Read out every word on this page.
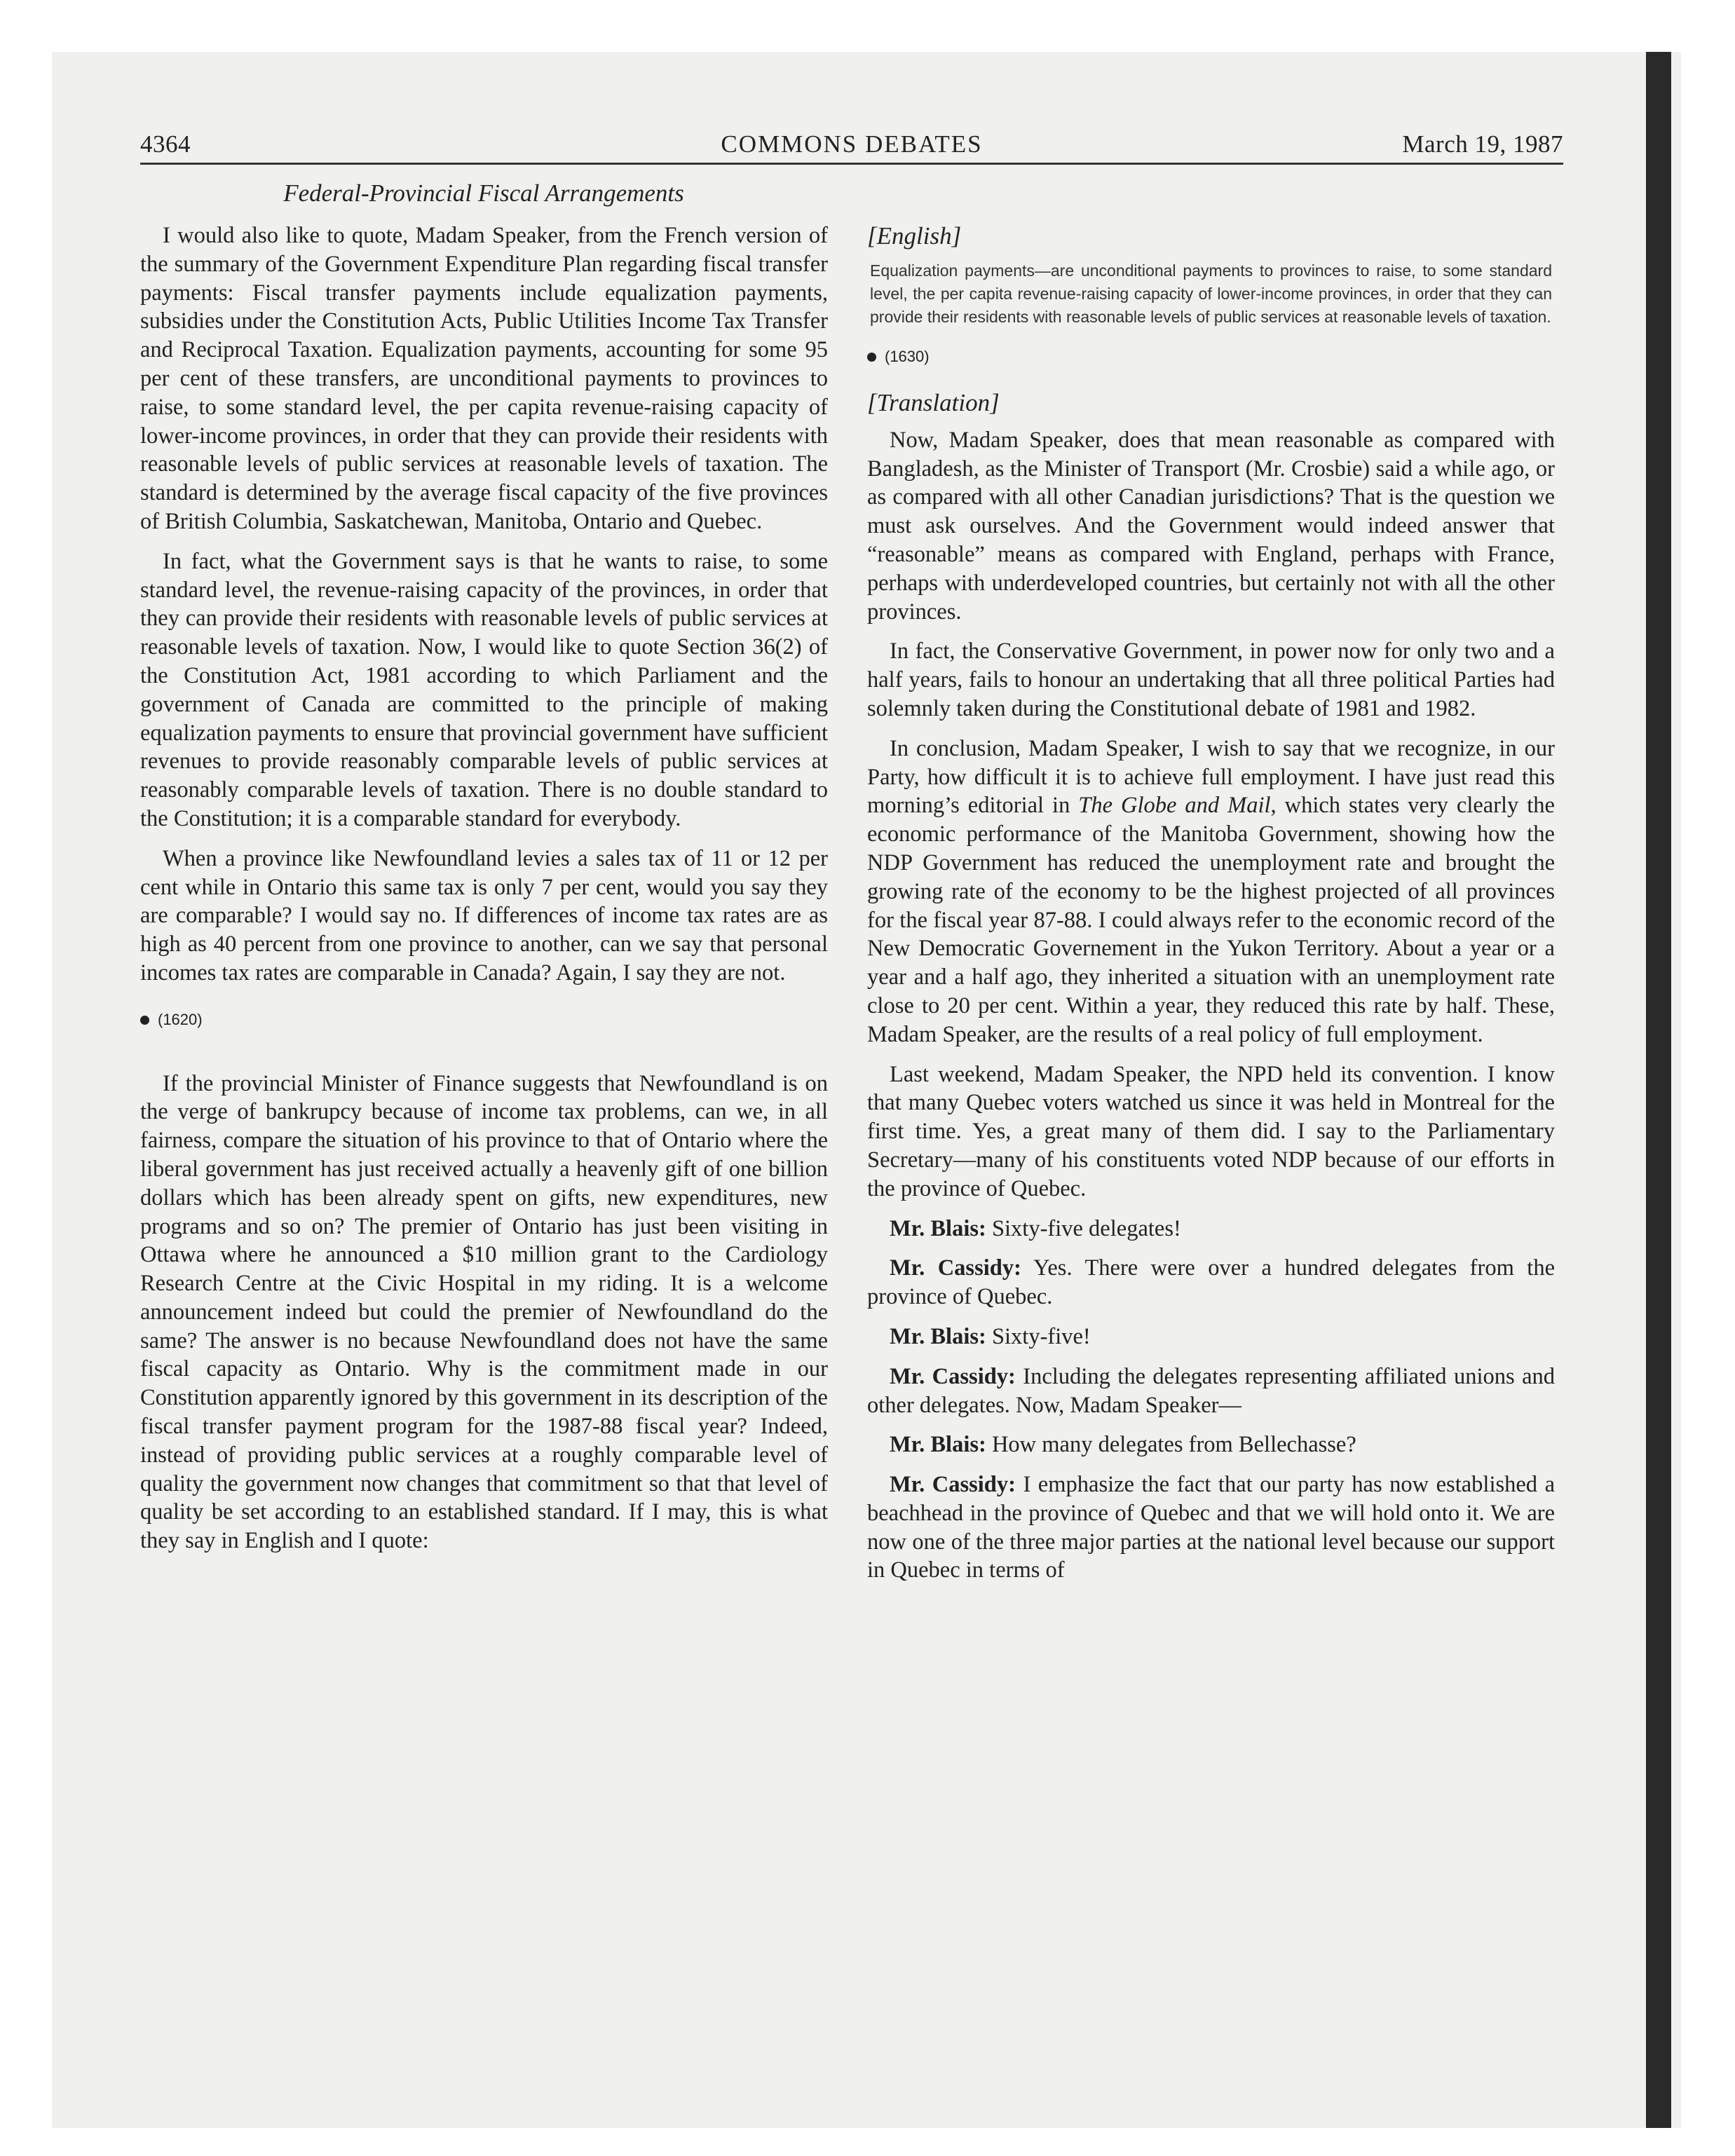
4364	COMMONS DEBATES	March 19, 1987
Federal-Provincial Fiscal Arrangements

I would also like to quote, Madam Speaker, from the French version of the summary of the Government Expenditure Plan regarding fiscal transfer payments: Fiscal transfer payments include equalization payments, subsidies under the Constitution Acts, Public Utilities Income Tax Transfer and Reciprocal Taxation. Equalization payments, accounting for some 95 per cent of these transfers, are unconditional payments to provinces to raise, to some standard level, the per capita revenue-raising capacity of lower-income provinces, in order that they can provide their residents with reasonable levels of public services at reasonable levels of taxation. The standard is determined by the average fiscal capacity of the five provinces of British Columbia, Saskatchewan, Manitoba, Ontario and Quebec.

In fact, what the Government says is that he wants to raise, to some standard level, the revenue-raising capacity of the provinces, in order that they can provide their residents with reasonable levels of public services at reasonable levels of taxation. Now, I would like to quote Section 36(2) of the Constitution Act, 1981 according to which Parliament and the government of Canada are committed to the principle of making equalization payments to ensure that provincial government have sufficient revenues to provide reasonably comparable levels of public services at reasonably comparable levels of taxation. There is no double standard to the Constitution; it is a comparable standard for everybody.

When a province like Newfoundland levies a sales tax of 11 or 12 per cent while in Ontario this same tax is only 7 per cent, would you say they are comparable? I would say no. If differences of income tax rates are as high as 40 percent from one province to another, can we say that personal incomes tax rates are comparable in Canada? Again, I say they are not.

(1620)

If the provincial Minister of Finance suggests that Newfoundland is on the verge of bankrupcy because of income tax problems, can we, in all fairness, compare the situation of his province to that of Ontario where the liberal government has just received actually a heavenly gift of one billion dollars which has been already spent on gifts, new expenditures, new programs and so on? The premier of Ontario has just been visiting in Ottawa where he announced a $10 million grant to the Cardiology Research Centre at the Civic Hospital in my riding. It is a welcome announcement indeed but could the premier of Newfoundland do the same? The answer is no because Newfoundland does not have the same fiscal capacity as Ontario. Why is the commitment made in our Constitution apparently ignored by this government in its description of the fiscal transfer payment program for the 1987-88 fiscal year? Indeed, instead of providing public services at a roughly comparable level of quality the government now changes that commitment so that that level of quality be set according to an established standard. If I may, this is what they say in English and I quote:

[English]
Equalization payments—are unconditional payments to provinces to raise, to some standard level, the per capita revenue-raising capacity of lower-income provinces, in order that they can provide their residents with reasonable levels of public services at reasonable levels of taxation.
(1630)
[Translation]

Now, Madam Speaker, does that mean reasonable as compared with Bangladesh, as the Minister of Transport (Mr. Crosbie) said a while ago, or as compared with all other Canadian jurisdictions? That is the question we must ask ourselves. And the Government would indeed answer that “reasonable” means as compared with England, perhaps with France, perhaps with underdeveloped countries, but certainly not with all the other provinces.

In fact, the Conservative Government, in power now for only two and a half years, fails to honour an undertaking that all three political Parties had solemnly taken during the Constitutional debate of 1981 and 1982.

In conclusion, Madam Speaker, I wish to say that we recognize, in our Party, how difficult it is to achieve full employment. I have just read this morning’s editorial in The Globe and Mail, which states very clearly the economic performance of the Manitoba Government, showing how the NDP Government has reduced the unemployment rate and brought the growing rate of the economy to be the highest projected of all provinces for the fiscal year 87-88. I could always refer to the economic record of the New Democratic Governement in the Yukon Territory. About a year or a year and a half ago, they inherited a situation with an unemployment rate close to 20 per cent. Within a year, they reduced this rate by half. These, Madam Speaker, are the results of a real policy of full employment.

Last weekend, Madam Speaker, the NPD held its convention. I know that many Quebec voters watched us since it was held in Montreal for the first time. Yes, a great many of them did. I say to the Parliamentary Secretary—many of his constituents voted NDP because of our efforts in the province of Quebec.

Mr. Blais: Sixty-five delegates!

Mr. Cassidy: Yes. There were over a hundred delegates from the province of Quebec.

Mr. Blais: Sixty-five!

Mr. Cassidy: Including the delegates representing affiliated unions and other delegates. Now, Madam Speaker—

Mr. Blais: How many delegates from Bellechasse?

Mr. Cassidy: I emphasize the fact that our party has now established a beachhead in the province of Quebec and that we will hold onto it. We are now one of the three major parties at the national level because our support in Quebec in terms of
